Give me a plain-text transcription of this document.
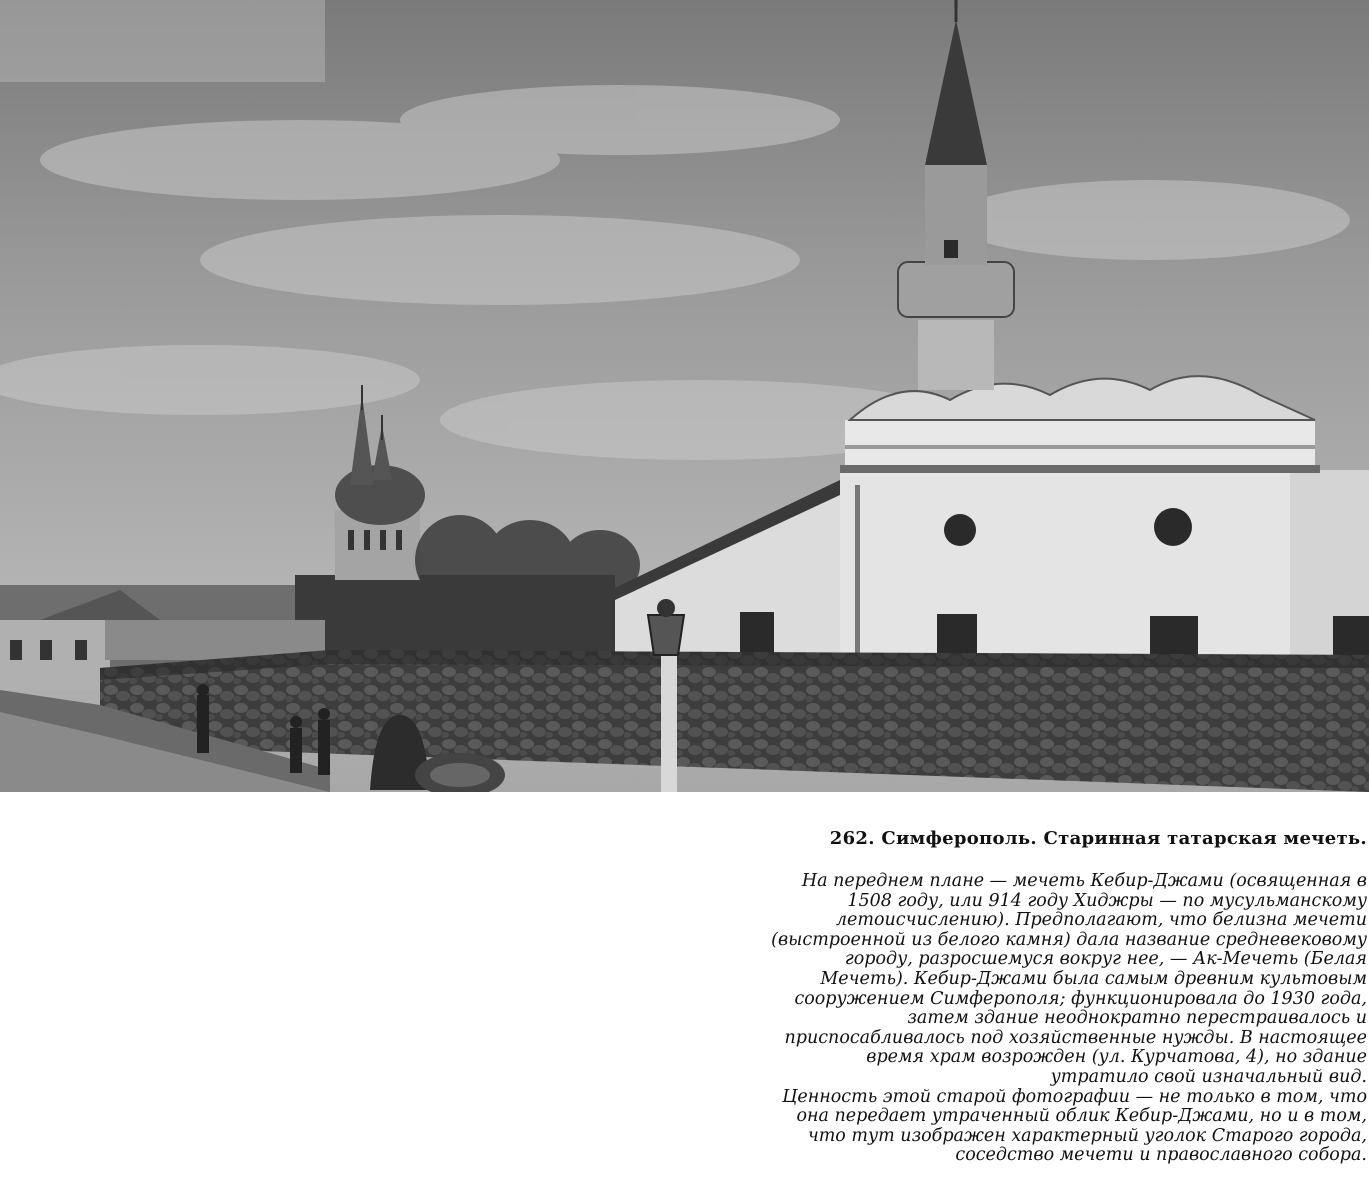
262. Симферополь. Старинная татарская мечеть.
На переднем плане — мечеть Кебир-Джами (освященная в
1508 году, или 914 году Хиджры — по мусульманскому
летоисчислению). Предполагают, что белизна мечети
(выстроенной из белого камня) дала название средневековому
городу, разросшемуся вокруг нее, — Ак-Мечеть (Белая
Мечеть). Кебир-Джами была самым древним культовым
сооружением Симферополя; функционировала до 1930 года,
затем здание неоднократно перестраивалось и
приспосабливалось под хозяйственные нужды. В настоящее
время храм возрожден (ул. Курчатова, 4), но здание
утратило свой изначальный вид.
Ценность этой старой фотографии — не только в том, что
она передает утраченный облик Кебир-Джами, но и в том,
что тут изображен характерный уголок Старого города,
соседство мечети и православного собора.
